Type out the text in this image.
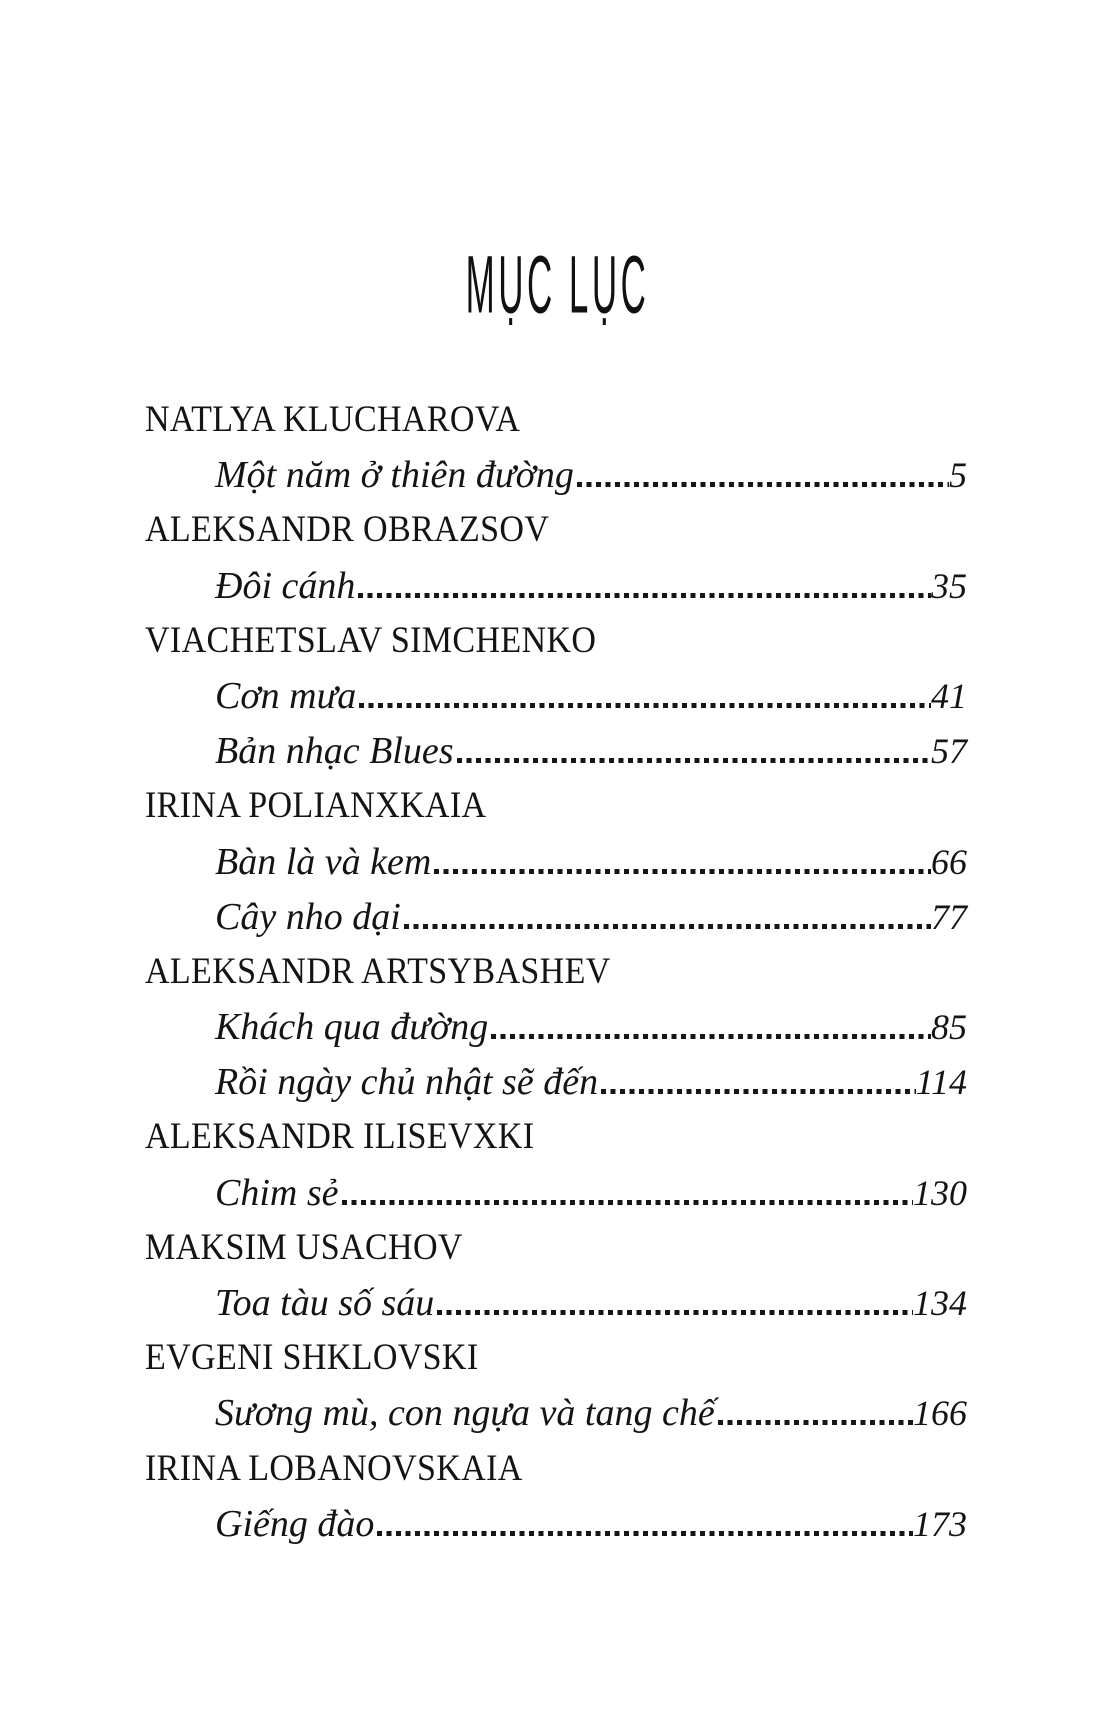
MỤC LỤC
NATLYA KLUCHAROVA
Một năm ở thiên đường	5
ALEKSANDR OBRAZSOV
Đôi cánh	35
VIACHETSLAV SIMCHENKO
Cơn mưa	41
Bản nhạc Blues	57
IRINA POLIANXKAIA
Bàn là và kem	66
Cây nho dại	77
ALEKSANDR ARTSYBASHEV
Khách qua đường	85
Rồi ngày chủ nhật sẽ đến	114
ALEKSANDR ILISEVXKI
Chim sẻ	130
MAKSIM USACHOV
Toa tàu số sáu	134
EVGENI SHKLOVSKI
Sương mù, con ngựa và tang chế	166
IRINA LOBANOVSKAIA
Giếng đào	173
